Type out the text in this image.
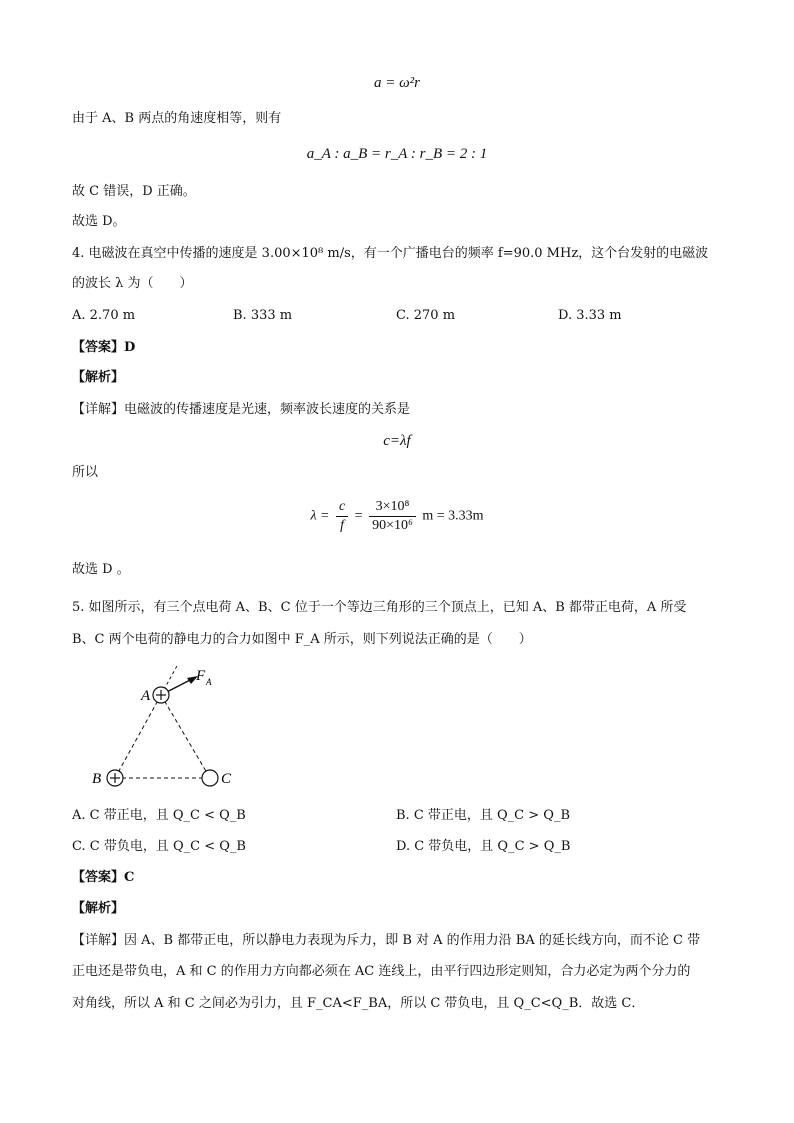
a = ω²r
由于 A、B 两点的角速度相等，则有
a_A : a_B = r_A : r_B = 2 : 1
故 C 错误，D 正确。
故选 D。
4. 电磁波在真空中传播的速度是 3.00×10⁸ m/s，有一个广播电台的频率 f=90.0 MHz，这个台发射的电磁波
的波长 λ 为（　　）
A. 2.70 m	B. 333 m	C. 270 m	D. 3.33 m
【答案】D
【解析】
【详解】电磁波的传播速度是光速，频率波长速度的关系是
c=λf
所以
$\lambda = \frac{c}{f} = \frac{\text{3×10⁸}}{\text{90×10⁶}}$ m = 3.33m
故选 D 。
5. 如图所示，有三个点电荷 A、B、C 位于一个等边三角形的三个顶点上，已知 A、B 都带正电荷，A 所受
B、C 两个电荷的静电力的合力如图中 F_A 所示，则下列说法正确的是（　　）
A
B	C
F A
A. C 带正电，且 Q_C < Q_B	B. C 带正电，且 Q_C > Q_B
C. C 带负电，且 Q_C < Q_B	D. C 带负电，且 Q_C > Q_B
【答案】C
【解析】
【详解】因 A、B 都带正电，所以静电力表现为斥力，即 B 对 A 的作用力沿 BA 的延长线方向，而不论 C 带
正电还是带负电，A 和 C 的作用力方向都必须在 AC 连线上，由平行四边形定则知，合力必定为两个分力的
对角线，所以 A 和 C 之间必为引力，且 F_CA<F_BA，所以 C 带负电，且 Q_C<Q_B．故选 C．
